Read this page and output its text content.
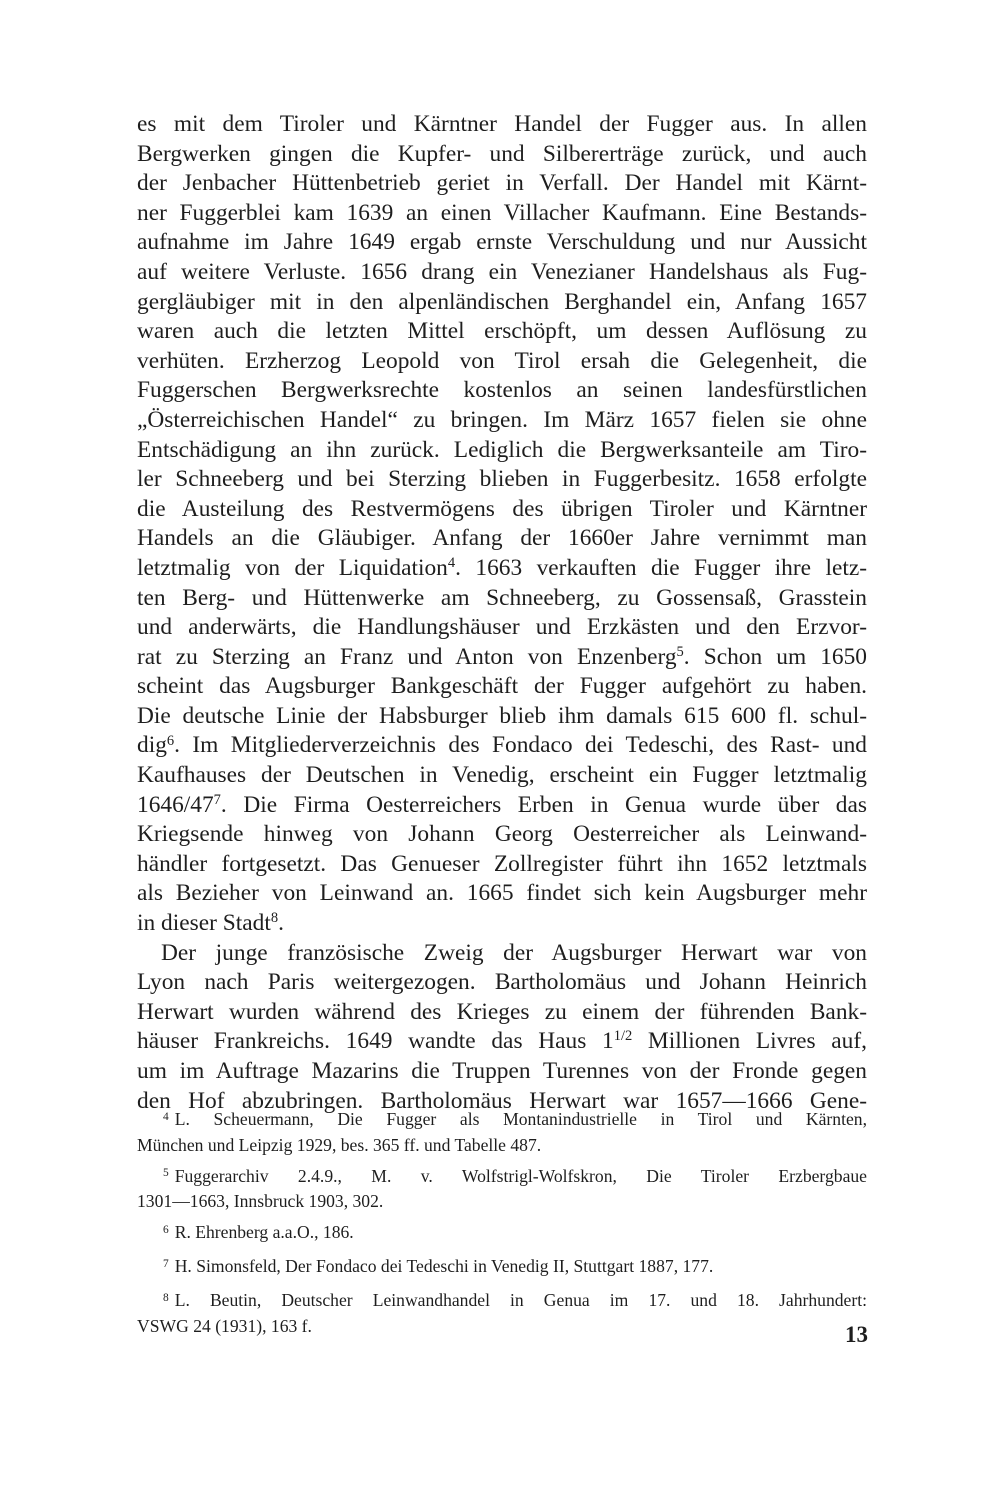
es mit dem Tiroler und Kärntner Handel der Fugger aus. In allen
Bergwerken gingen die Kupfer- und Silbererträge zurück, und auch
der Jenbacher Hüttenbetrieb geriet in Verfall. Der Handel mit Kärnt-
ner Fuggerblei kam 1639 an einen Villacher Kaufmann. Eine Bestands-
aufnahme im Jahre 1649 ergab ernste Verschuldung und nur Aussicht
auf weitere Verluste. 1656 drang ein Venezianer Handelshaus als Fug-
gergläubiger mit in den alpenländischen Berghandel ein, Anfang 1657
waren auch die letzten Mittel erschöpft, um dessen Auflösung zu
verhüten. Erzherzog Leopold von Tirol ersah die Gelegenheit, die
Fuggerschen Bergwerksrechte kostenlos an seinen landesfürstlichen
„Österreichischen Handel“ zu bringen. Im März 1657 fielen sie ohne
Entschädigung an ihn zurück. Lediglich die Bergwerksanteile am Tiro-
ler Schneeberg und bei Sterzing blieben in Fuggerbesitz. 1658 erfolgte
die Austeilung des Restvermögens des übrigen Tiroler und Kärntner
Handels an die Gläubiger. Anfang der 1660er Jahre vernimmt man
letztmalig von der Liquidation$^4$. 1663 verkauften die Fugger ihre letz-
ten Berg- und Hüttenwerke am Schneeberg, zu Gossensaß, Grasstein
und anderwärts, die Handlungshäuser und Erzkästen und den Erzvor-
rat zu Sterzing an Franz und Anton von Enzenberg$^5$. Schon um 1650
scheint das Augsburger Bankgeschäft der Fugger aufgehört zu haben.
Die deutsche Linie der Habsburger blieb ihm damals 615 600 fl. schul-
dig$^6$. Im Mitgliederverzeichnis des Fondaco dei Tedeschi, des Rast- und
Kaufhauses der Deutschen in Venedig, erscheint ein Fugger letztmalig
$1646/47^7$. Die Firma Oesterreichers Erben in Genua wurde über das
Kriegsende hinweg von Johann Georg Oesterreicher als Leinwand-
händler fortgesetzt. Das Genueser Zollregister führt ihn 1652 letztmals
als Bezieher von Leinwand an. 1665 findet sich kein Augsburger mehr
in dieser Stadt$^8$.

Der junge französische Zweig der Augsburger Herwart war von
Lyon nach Paris weitergezogen. Bartholomäus und Johann Heinrich
Herwart wurden während des Krieges zu einem der führenden Bank-
häuser Frankreichs. 1649 wandte das Haus $1^{1/2}$ Millionen Livres auf,
um im Auftrage Mazarins die Truppen Turennes von der Fronde gegen
den Hof abzubringen. Bartholomäus Herwart war 1657—1666 Gene-

$^4$ L. Scheuermann, Die Fugger als Montanindustrielle in Tirol und Kärnten,
München und Leipzig 1929, bes. 365 ff. und Tabelle 487.
$^5$ Fuggerarchiv 2.4.9., M. v. Wolfstrigl-Wolfskron, Die Tiroler Erzbergbaue
1301—1663, Innsbruck 1903, 302.
$^6$ R. Ehrenberg a.a.O., 186.
$^7$ H. Simonsfeld, Der Fondaco dei Tedeschi in Venedig II, Stuttgart 1887, 177.
$^8$ L. Beutin, Deutscher Leinwandhandel in Genua im 17. und 18. Jahrhundert:
VSWG 24 (1931), 163 f.	13
